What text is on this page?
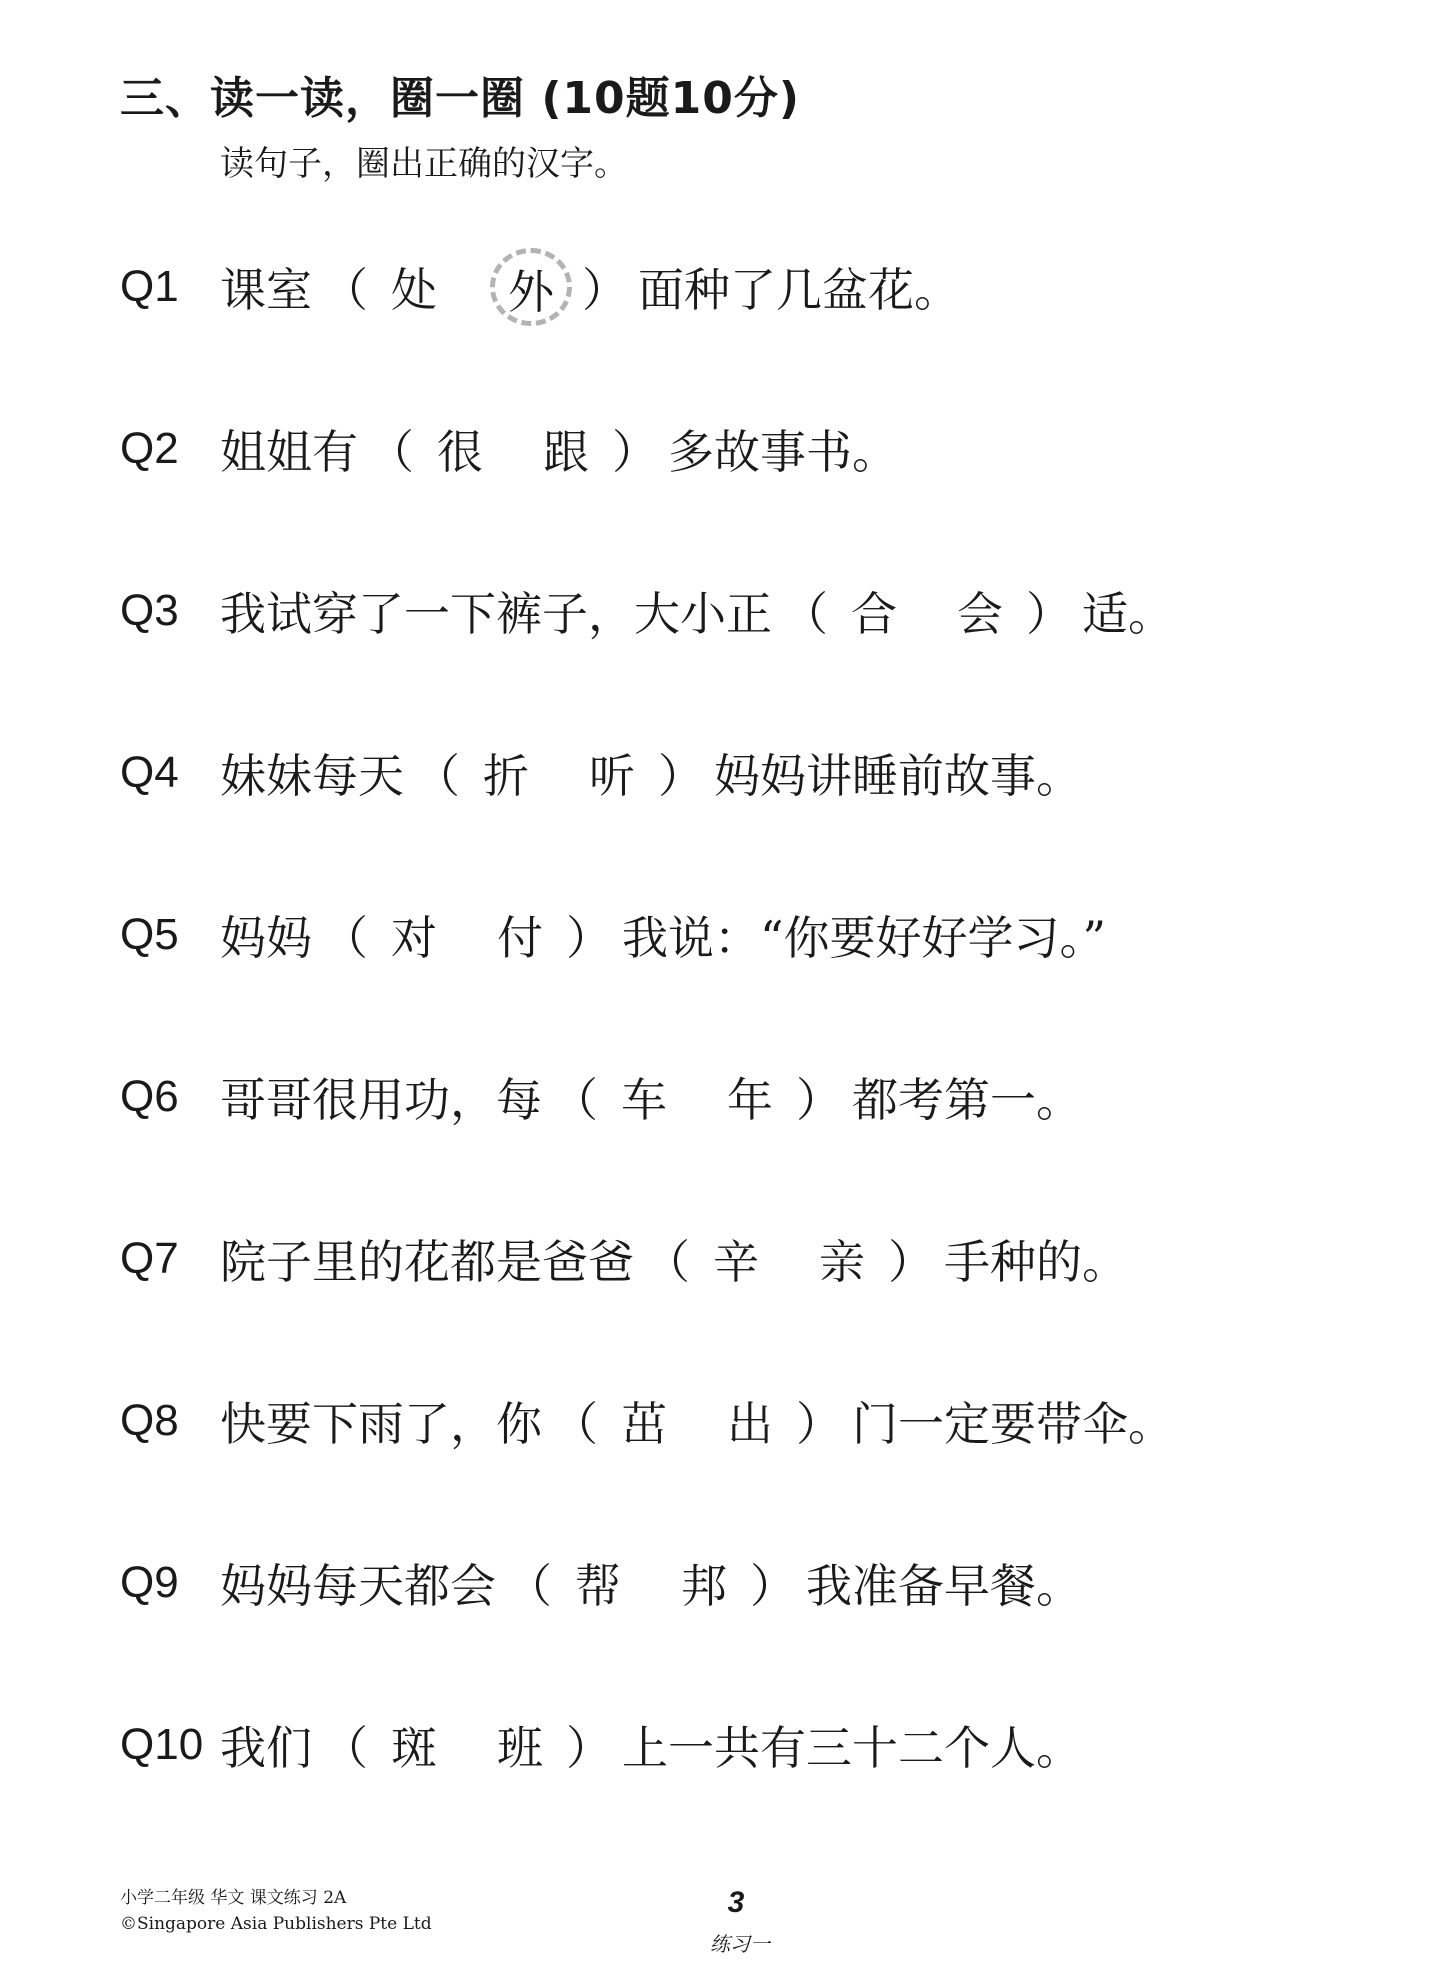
三、读一读，圈一圈 (10题10分)
读句子，圈出正确的汉字。
Q1 课室 （ 处	外 ） 面种了几盆花。
Q2 姐姐有 （ 很 跟 ） 多故事书。
Q3 我试穿了一下裤子，大小正 （ 合 会 ） 适。
Q4 妹妹每天 （ 折 听 ） 妈妈讲睡前故事。
Q5 妈妈 （ 对 付 ） 我说：“你要好好学习。”
Q6 哥哥很用功，每 （ 车 年 ） 都考第一。
Q7 院子里的花都是爸爸 （ 辛 亲 ） 手种的。
Q8 快要下雨了，你 （ 茁 出 ） 门一定要带伞。
Q9 妈妈每天都会 （ 帮 邦 ） 我准备早餐。
Q10 我们 （ 斑 班 ） 上一共有三十二个人。
小学二年级 华文 课文练习 2A
©Singapore Asia Publishers Pte Ltd
3
练习一
